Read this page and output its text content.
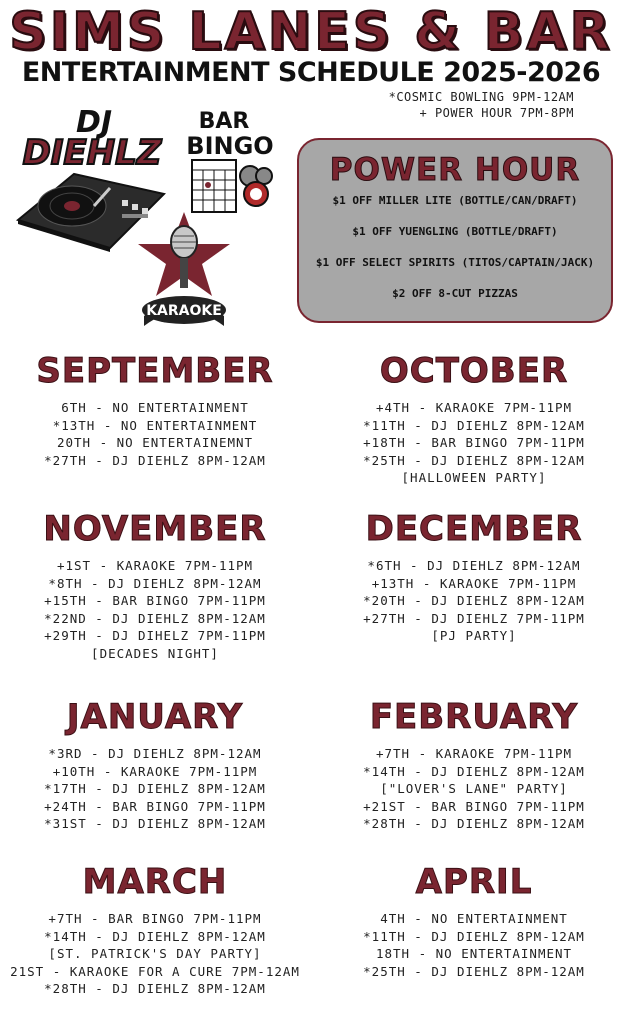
SIMS LANES & BAR
ENTERTAINMENT SCHEDULE 2025-2026
*COSMIC BOWLING 9PM-12AM
+ POWER HOUR 7PM-8PM
DJ
DIEHLZ
BAR
BINGO
KARAOKE
POWER HOUR
$1 OFF MILLER LITE (BOTTLE/CAN/DRAFT)
$1 OFF YUENGLING (BOTTLE/DRAFT)
$1 OFF SELECT SPIRITS (TITOS/CAPTAIN/JACK)
$2 OFF 8-CUT PIZZAS
SEPTEMBER
6TH - NO ENTERTAINMENT
*13TH - NO ENTERTAINMENT
20TH - NO ENTERTAINEMNT
*27TH - DJ DIEHLZ 8PM-12AM
OCTOBER
+4TH - KARAOKE 7PM-11PM
*11TH - DJ DIEHLZ 8PM-12AM
+18TH - BAR BINGO 7PM-11PM
*25TH - DJ DIEHLZ 8PM-12AM
[HALLOWEEN PARTY]
NOVEMBER
+1ST - KARAOKE 7PM-11PM
*8TH - DJ DIEHLZ 8PM-12AM
+15TH - BAR BINGO 7PM-11PM
*22ND - DJ DIEHLZ 8PM-12AM
+29TH - DJ DIHELZ 7PM-11PM
[DECADES NIGHT]
DECEMBER
*6TH - DJ DIEHLZ 8PM-12AM
+13TH - KARAOKE 7PM-11PM
*20TH - DJ DIEHLZ 8PM-12AM
+27TH - DJ DIEHLZ 7PM-11PM
[PJ PARTY]
JANUARY
*3RD - DJ DIEHLZ 8PM-12AM
+10TH - KARAOKE 7PM-11PM
*17TH - DJ DIEHLZ 8PM-12AM
+24TH - BAR BINGO 7PM-11PM
*31ST - DJ DIEHLZ 8PM-12AM
FEBRUARY
+7TH - KARAOKE 7PM-11PM
*14TH - DJ DIEHLZ 8PM-12AM
["LOVER'S LANE" PARTY]
+21ST - BAR BINGO 7PM-11PM
*28TH - DJ DIEHLZ 8PM-12AM
MARCH
+7TH - BAR BINGO 7PM-11PM
*14TH - DJ DIEHLZ 8PM-12AM
[ST. PATRICK'S DAY PARTY]
21ST - KARAOKE FOR A CURE 7PM-12AM
*28TH - DJ DIEHLZ 8PM-12AM
APRIL
4TH - NO ENTERTAINMENT
*11TH - DJ DIEHLZ 8PM-12AM
18TH - NO ENTERTAINMENT
*25TH - DJ DIEHLZ 8PM-12AM
